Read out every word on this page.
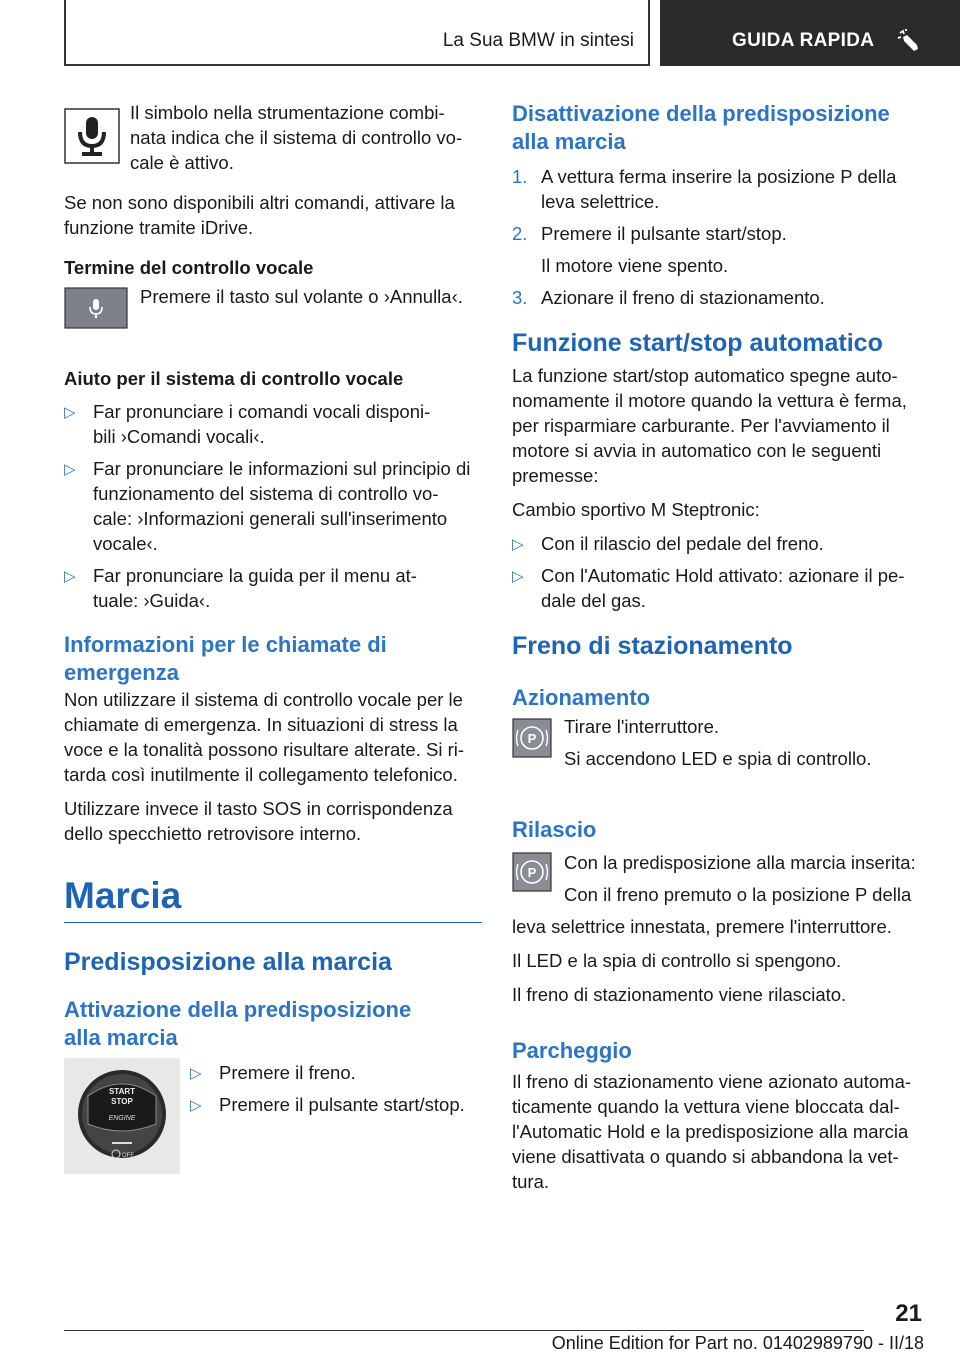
La Sua BMW in sintesi	GUIDA RAPIDA

Il simbolo nella strumentazione combi-

nata indica che il sistema di controllo vo-

cale è attivo.

Se non sono disponibili altri comandi, attivare la

funzione tramite iDrive.

Termine del controllo vocale

Premere il tasto sul volante o ›Annulla‹.

Aiuto per il sistema di controllo vocale

▷ Far pronunciare i comandi vocali disponi-
bili ›Comandi vocali‹.
▷ Far pronunciare le informazioni sul principio di
funzionamento del sistema di controllo vo-
cale: ›Informazioni generali sull'inserimento
vocale‹.
▷ Far pronunciare la guida per il menu at-
tuale: ›Guida‹.

Informazioni per le chiamate di

emergenza

Non utilizzare il sistema di controllo vocale per le

chiamate di emergenza. In situazioni di stress la

voce e la tonalità possono risultare alterate. Si ri-

tarda così inutilmente il collegamento telefonico.

Utilizzare invece il tasto SOS in corrispondenza

dello specchietto retrovisore interno.

Marcia

Predisposizione alla marcia

Attivazione della predisposizione

alla marcia

START
STOP
ENGINE
OFF
▷ Premere il freno.
▷ Premere il pulsante start/stop.

Disattivazione della predisposizione

alla marcia

1. A vettura ferma inserire la posizione P della
leva selettrice.
2. Premere il pulsante start/stop.

Il motore viene spento.

3. Azionare il freno di stazionamento.

Funzione start/stop automatico

La funzione start/stop automatico spegne auto-

nomamente il motore quando la vettura è ferma,

per risparmiare carburante. Per l'avviamento il

motore si avvia in automatico con le seguenti

premesse:

Cambio sportivo M Steptronic:

▷ Con il rilascio del pedale del freno.
▷ Con l'Automatic Hold attivato: azionare il pe-
dale del gas.

Freno di stazionamento

Azionamento

P

Tirare l'interruttore.

Si accendono LED e spia di controllo.

Rilascio

P Con la predisposizione alla marcia inserita:

Con il freno premuto o la posizione P della

leva selettrice innestata, premere l'interruttore.

Il LED e la spia di controllo si spengono.

Il freno di stazionamento viene rilasciato.

Parcheggio

Il freno di stazionamento viene azionato automa-

ticamente quando la vettura viene bloccata dal-

l'Automatic Hold e la predisposizione alla marcia

viene disattivata o quando si abbandona la vet-

tura.

21
Online Edition for Part no. 01402989790 - II/18
